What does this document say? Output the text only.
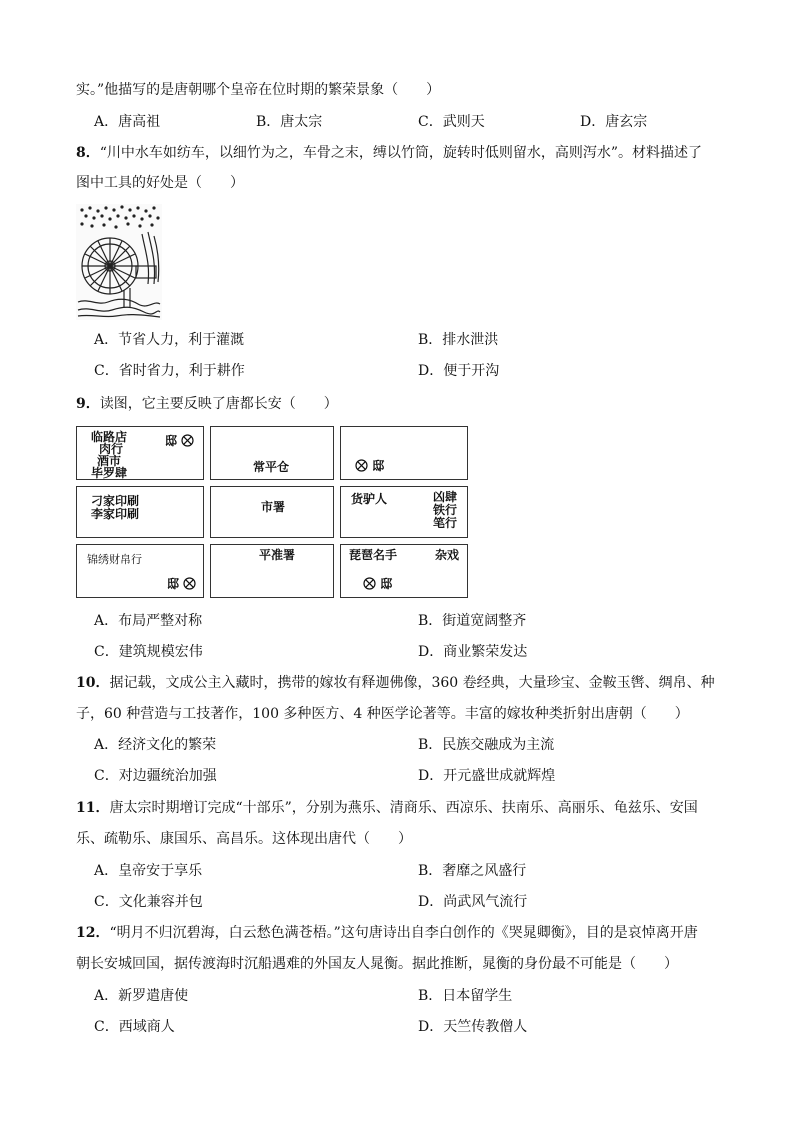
实。”他描写的是唐朝哪个皇帝在位时期的繁荣景象（　　）
A．唐高祖	B．唐太宗	C．武则天	D．唐玄宗
8．“川中水车如纺车，以细竹为之，车骨之末，缚以竹筒，旋转时低则留水，高则泻水”。材料描述了
图中工具的好处是（　　）
A．节省人力，利于灌溉	B．排水泄洪
C．省时省力，利于耕作	D．便于开沟
9．读图，它主要反映了唐都长安（　　）
临路店
肉行
酒市
毕罗肆
邸
常平仓	邸
刁家印刷
李家印刷	市署
货驴人	凶肆
铁行
笔行
锦绣财帛行
邸
平准署	琵琶名手	杂戏
邸
A．布局严整对称	B．街道宽阔整齐
C．建筑规模宏伟	D．商业繁荣发达
10．据记载，文成公主入藏时，携带的嫁妆有释迦佛像，360 卷经典，大量珍宝、金鞍玉辔、绸帛、种
子，60 种营造与工技著作，100 多种医方、4 种医学论著等。丰富的嫁妆种类折射出唐朝（　　）
A．经济文化的繁荣	B．民族交融成为主流
C．对边疆统治加强	D．开元盛世成就辉煌
11．唐太宗时期增订完成“十部乐”，分别为燕乐、清商乐、西凉乐、扶南乐、高丽乐、龟兹乐、安国
乐、疏勒乐、康国乐、高昌乐。这体现出唐代（　　）
A．皇帝安于享乐	B．奢靡之风盛行
C．文化兼容并包	D．尚武风气流行
12．“明月不归沉碧海，白云愁色满苍梧。”这句唐诗出自李白创作的《哭晁卿衡》，目的是哀悼离开唐
朝长安城回国，据传渡海时沉船遇难的外国友人晁衡。据此推断，晁衡的身份最不可能是（　　）
A．新罗遣唐使	B．日本留学生
C．西域商人	D．天竺传教僧人
